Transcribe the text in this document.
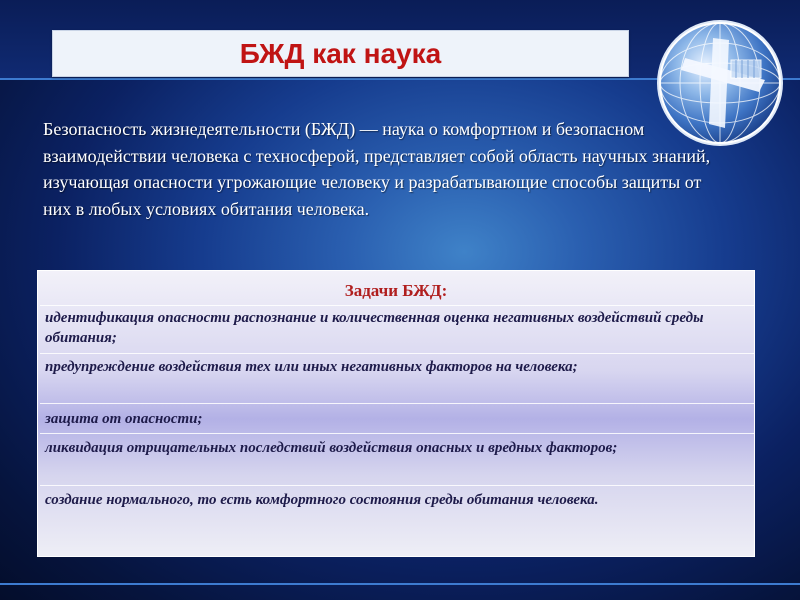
БЖД как наука
Безопасность жизнедеятельности (БЖД) — наука о комфортном и безопасном взаимодействии человека с техносферой, представляет собой область научных знаний, изучающая опасности угрожающие человеку и разрабатывающие способы защиты от них в любых условиях обитания человека.
Задачи БЖД:
идентификация опасности распознание и количественная оценка негативных воздействий среды обитания;
предупреждение воздействия тех или иных негативных факторов на человека;
защита от опасности;
ликвидация отрицательных последствий воздействия опасных и вредных факторов;
создание нормального, то есть комфортного состояния среды обитания человека.
